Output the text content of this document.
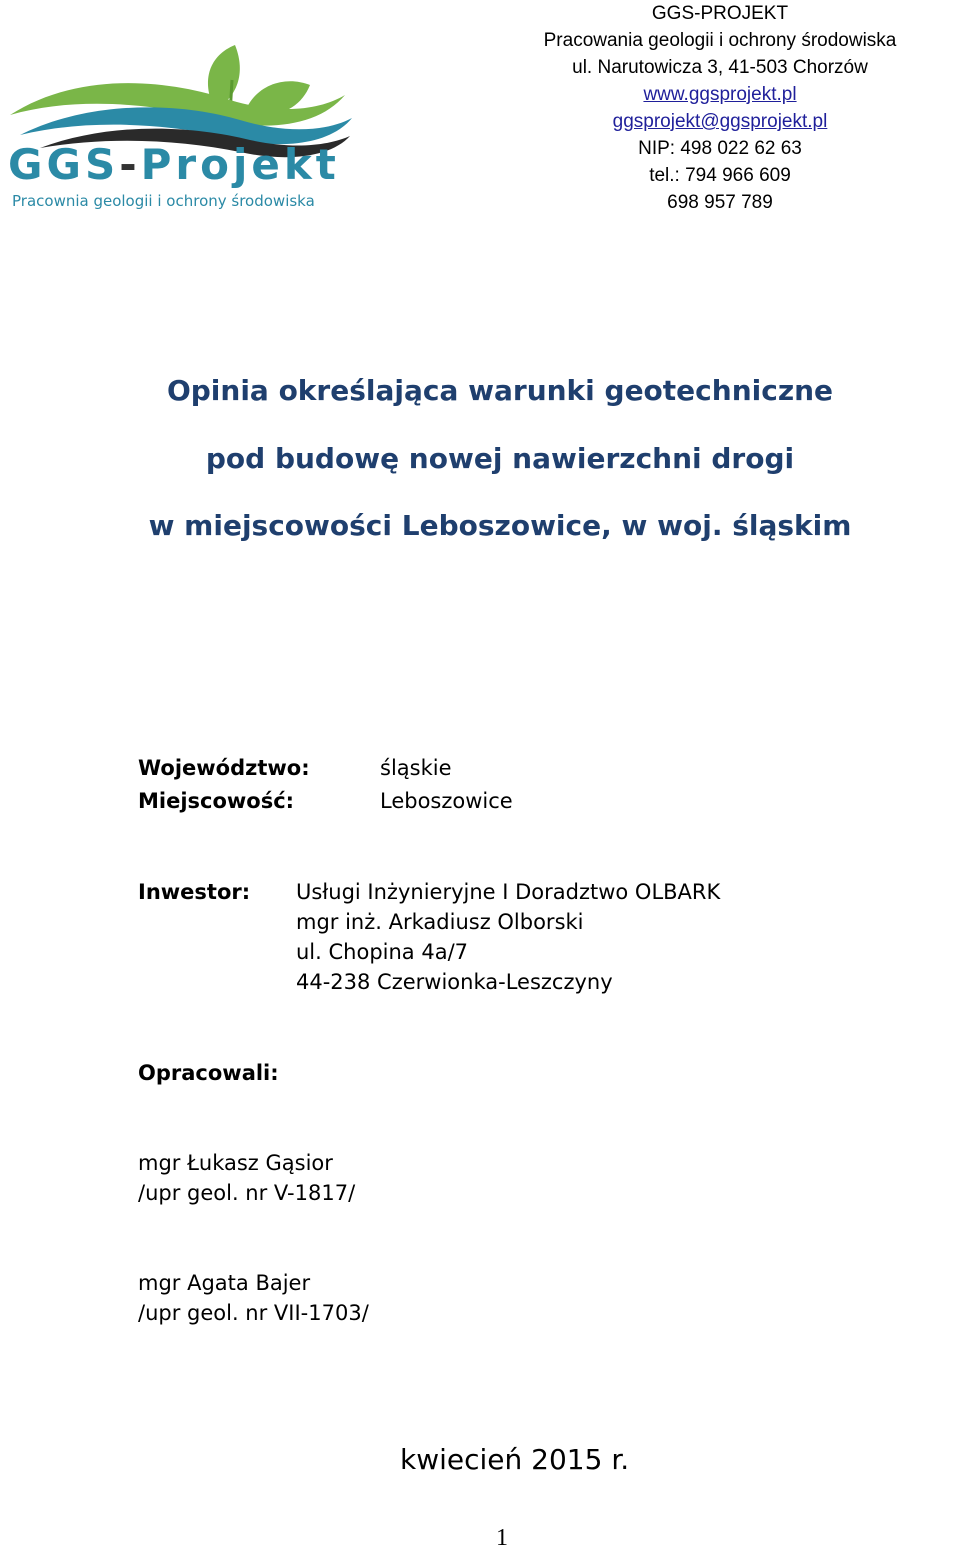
GGS-Projekt
Pracownia geologii i ochrony środowiska
GGS-PROJEKT
Pracowania geologii i ochrony środowiska
ul. Narutowicza 3, 41-503 Chorzów
www.ggsprojekt.pl
ggsprojekt@ggsprojekt.pl
NIP: 498 022 62 63
tel.: 794 966 609
698 957 789
Opinia określająca warunki geotechniczne
pod budowę nowej nawierzchni drogi
w miejscowości Leboszowice, w woj. śląskim
Województwo:	śląskie
Miejscowość:	Leboszowice
Inwestor: Usługi Inżynieryjne I Doradztwo OLBARK
mgr inż. Arkadiusz Olborski
ul. Chopina 4a/7
44-238 Czerwionka-Leszczyny
Opracowali:
mgr Łukasz Gąsior
/upr geol. nr V-1817/
mgr Agata Bajer
/upr geol. nr VII-1703/
kwiecień 2015 r.
1
